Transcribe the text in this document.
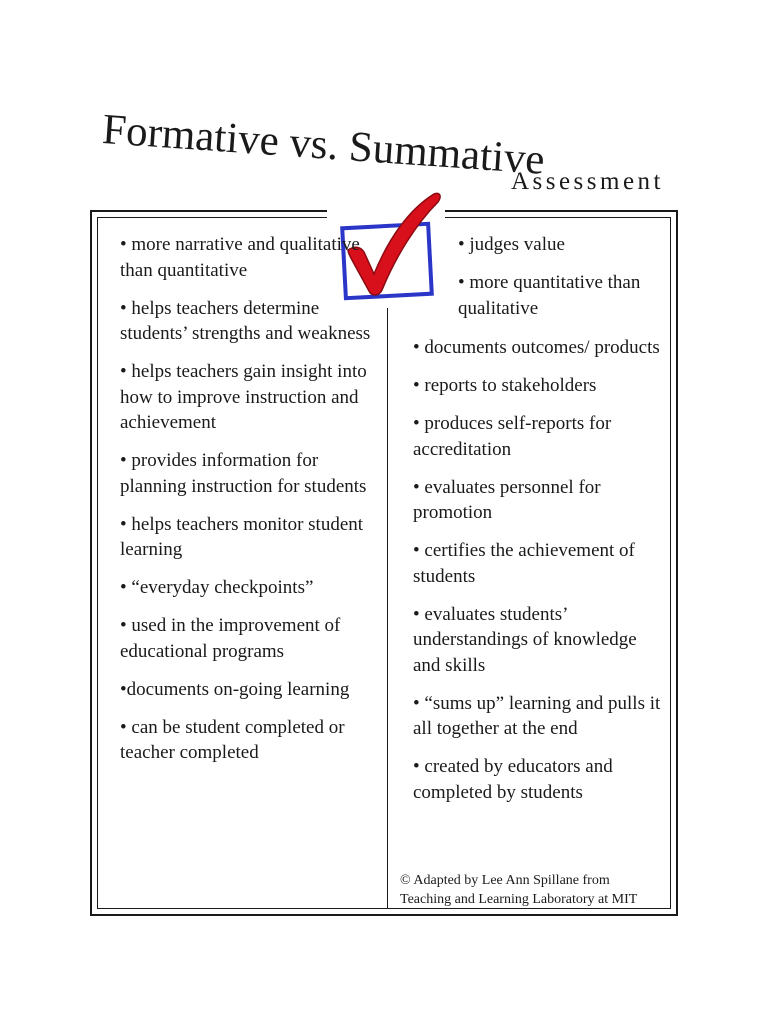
Formative vs. Summative
Assessment
• more narrative and qualitative than quantitative
• helps teachers determine students’ strengths and weakness
• helps teachers gain insight into how to improve instruction and achievement
• provides information for planning instruction for students
• helps teachers monitor student learning
• “everyday checkpoints”
• used in the improvement of educational programs
•documents on-going learning
• can be student completed or teacher completed
• judges value
• more quantitative than qualitative
• documents outcomes/ products
• reports to stakeholders
• produces self-reports for accreditation
• evaluates personnel for promotion
• certifies the achievement of students
• evaluates students’ understandings of knowledge and skills
• “sums up” learning and pulls it all together at the end
• created by educators and completed by students
© Adapted by Lee Ann Spillane from
Teaching and Learning Laboratory at MIT
